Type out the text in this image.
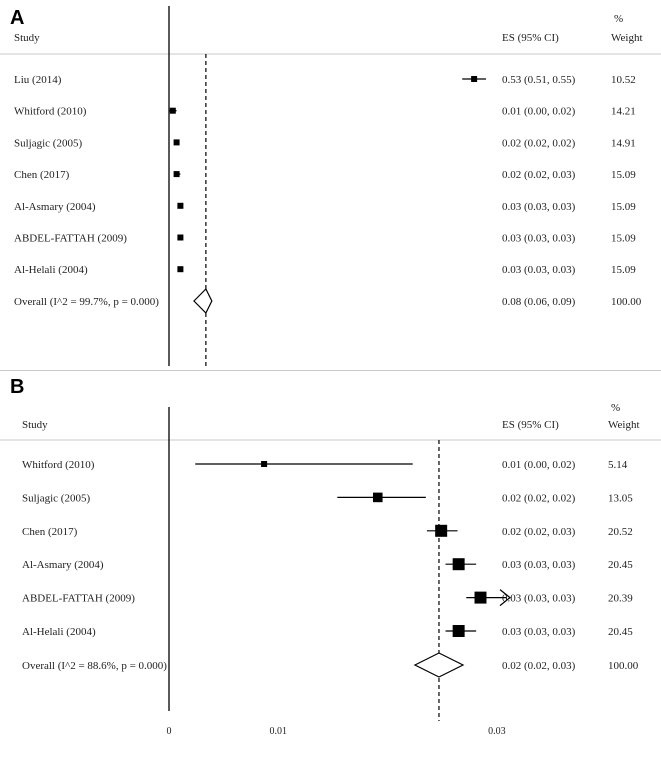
A
Study	ES (95% CI)
%
Weight
Liu (2014)	0.53 (0.51, 0.55)	10.52
Whitford (2010)	0.01 (0.00, 0.02)	14.21
Suljagic (2005)	0.02 (0.02, 0.02)	14.91
Chen (2017)	0.02 (0.02, 0.03)	15.09
Al-Asmary (2004)	0.03 (0.03, 0.03)	15.09
ABDEL-FATTAH (2009)	0.03 (0.03, 0.03)	15.09
Al-Helali (2004)	0.03 (0.03, 0.03)	15.09
Overall (I^2 = 99.7%, p = 0.000)	0.08 (0.06, 0.09)	100.00
B
Study	ES (95% CI)
%
Weight
Whitford (2010)	0.01 (0.00, 0.02)	5.14
Suljagic (2005)	0.02 (0.02, 0.02)	13.05
Chen (2017)	0.02 (0.02, 0.03)	20.52
Al-Asmary (2004)	0.03 (0.03, 0.03)	20.45
ABDEL-FATTAH (2009)	0.03 (0.03, 0.03)	20.39
Al-Helali (2004)	0.03 (0.03, 0.03)	20.45
Overall (I^2 = 88.6%, p = 0.000)	0.02 (0.02, 0.03)	100.00
0	0.01	0.03
